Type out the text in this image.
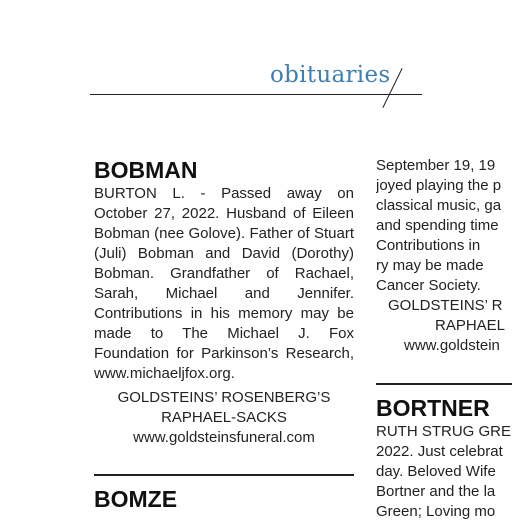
obituaries
BOBMAN
BURTON L. - Passed away on October 27, 2022. Husband of Eileen Bobman (nee Golove). Father of Stuart (Juli) Bobman and David (Dorothy) Bobman. Grandfather of Rachael, Sarah, Michael and Jennifer. Contributions in his memory may be made to The Michael J. Fox Foundation for Parkinson’s Research, www.michaeljfox.org.
GOLDSTEINS’ ROSENBERG’S
RAPHAEL-SACKS
www.goldsteinsfuneral.com
BOMZE
September 19, 19
joyed playing the p
classical music, ga
and spending time
Contributions in
ry may be made
Cancer Society.
GOLDSTEINS’ R
RAPHAEL
www.goldstein
BORTNER
RUTH STRUG GRE
2022. Just celebrat
day. Beloved Wife
Bortner and the la
Green; Loving mo
